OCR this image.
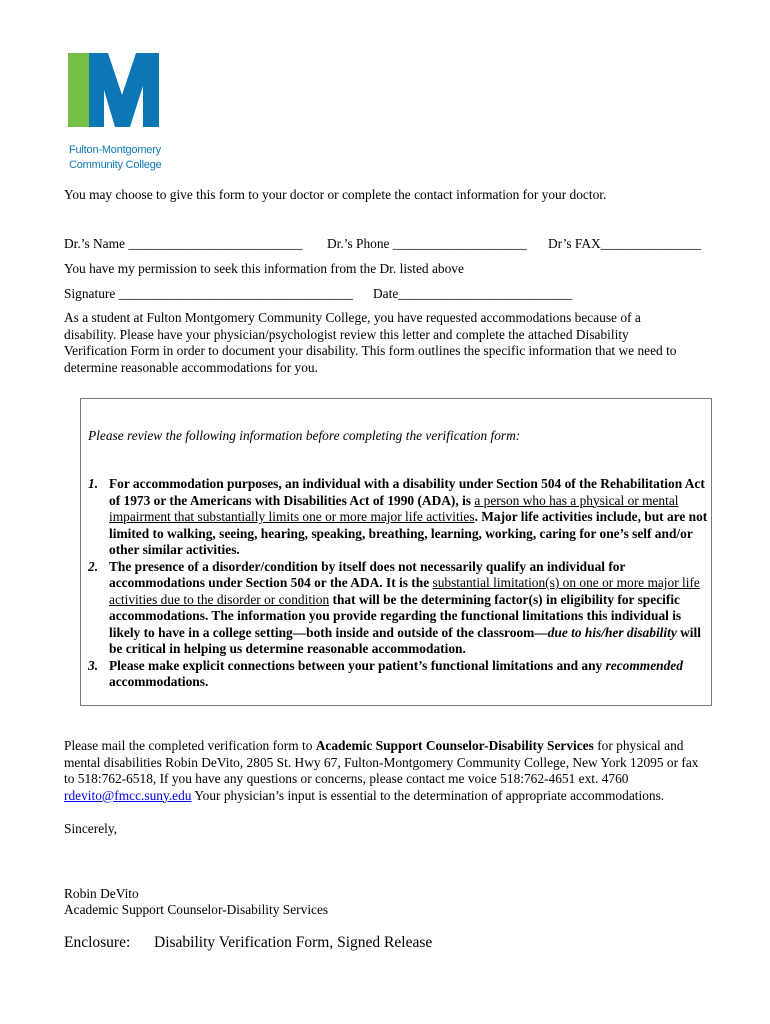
FM
Fulton-Montgomery
Community College
You may choose to give this form to your doctor or complete the contact information for your doctor.
Dr.’s Name __________________________ Dr.’s Phone ____________________ Dr’s FAX_______________
You have my permission to seek this information from the Dr. listed above
Signature ___________________________________ Date__________________________
As a student at Fulton Montgomery Community College, you have requested accommodations because of a
disability. Please have your physician/psychologist review this letter and complete the attached Disability
Verification Form in order to document your disability. This form outlines the specific information that we need to
determine reasonable accommodations for you.
Please review the following information before completing the verification form:
1. For accommodation purposes, an individual with a disability under Section 504 of the Rehabilitation Act of 1973 or the Americans with Disabilities Act of 1990 (ADA), is a person who has a physical or mental impairment that substantially limits one or more major life activities. Major life activities include, but are not limited to walking, seeing, hearing, speaking, breathing, learning, working, caring for one’s self and/or other similar activities.
2. The presence of a disorder/condition by itself does not necessarily qualify an individual for accommodations under Section 504 or the ADA. It is the substantial limitation(s) on one or more major life activities due to the disorder or condition that will be the determining factor(s) in eligibility for specific accommodations. The information you provide regarding the functional limitations this individual is likely to have in a college setting—both inside and outside of the classroom—due to his/her disability will be critical in helping us determine reasonable accommodation.
3. Please make explicit connections between your patient’s functional limitations and any recommended accommodations.
Please mail the completed verification form to Academic Support Counselor-Disability Services for physical and mental disabilities Robin DeVito, 2805 St. Hwy 67, Fulton-Montgomery Community College, New York 12095 or fax to 518:762-6518, If you have any questions or concerns, please contact me voice 518:762-4651 ext. 4760 rdevito@fmcc.suny.edu Your physician’s input is essential to the determination of appropriate accommodations.
Sincerely,
Robin DeVito
Academic Support Counselor-Disability Services
Enclosure: Disability Verification Form, Signed Release
